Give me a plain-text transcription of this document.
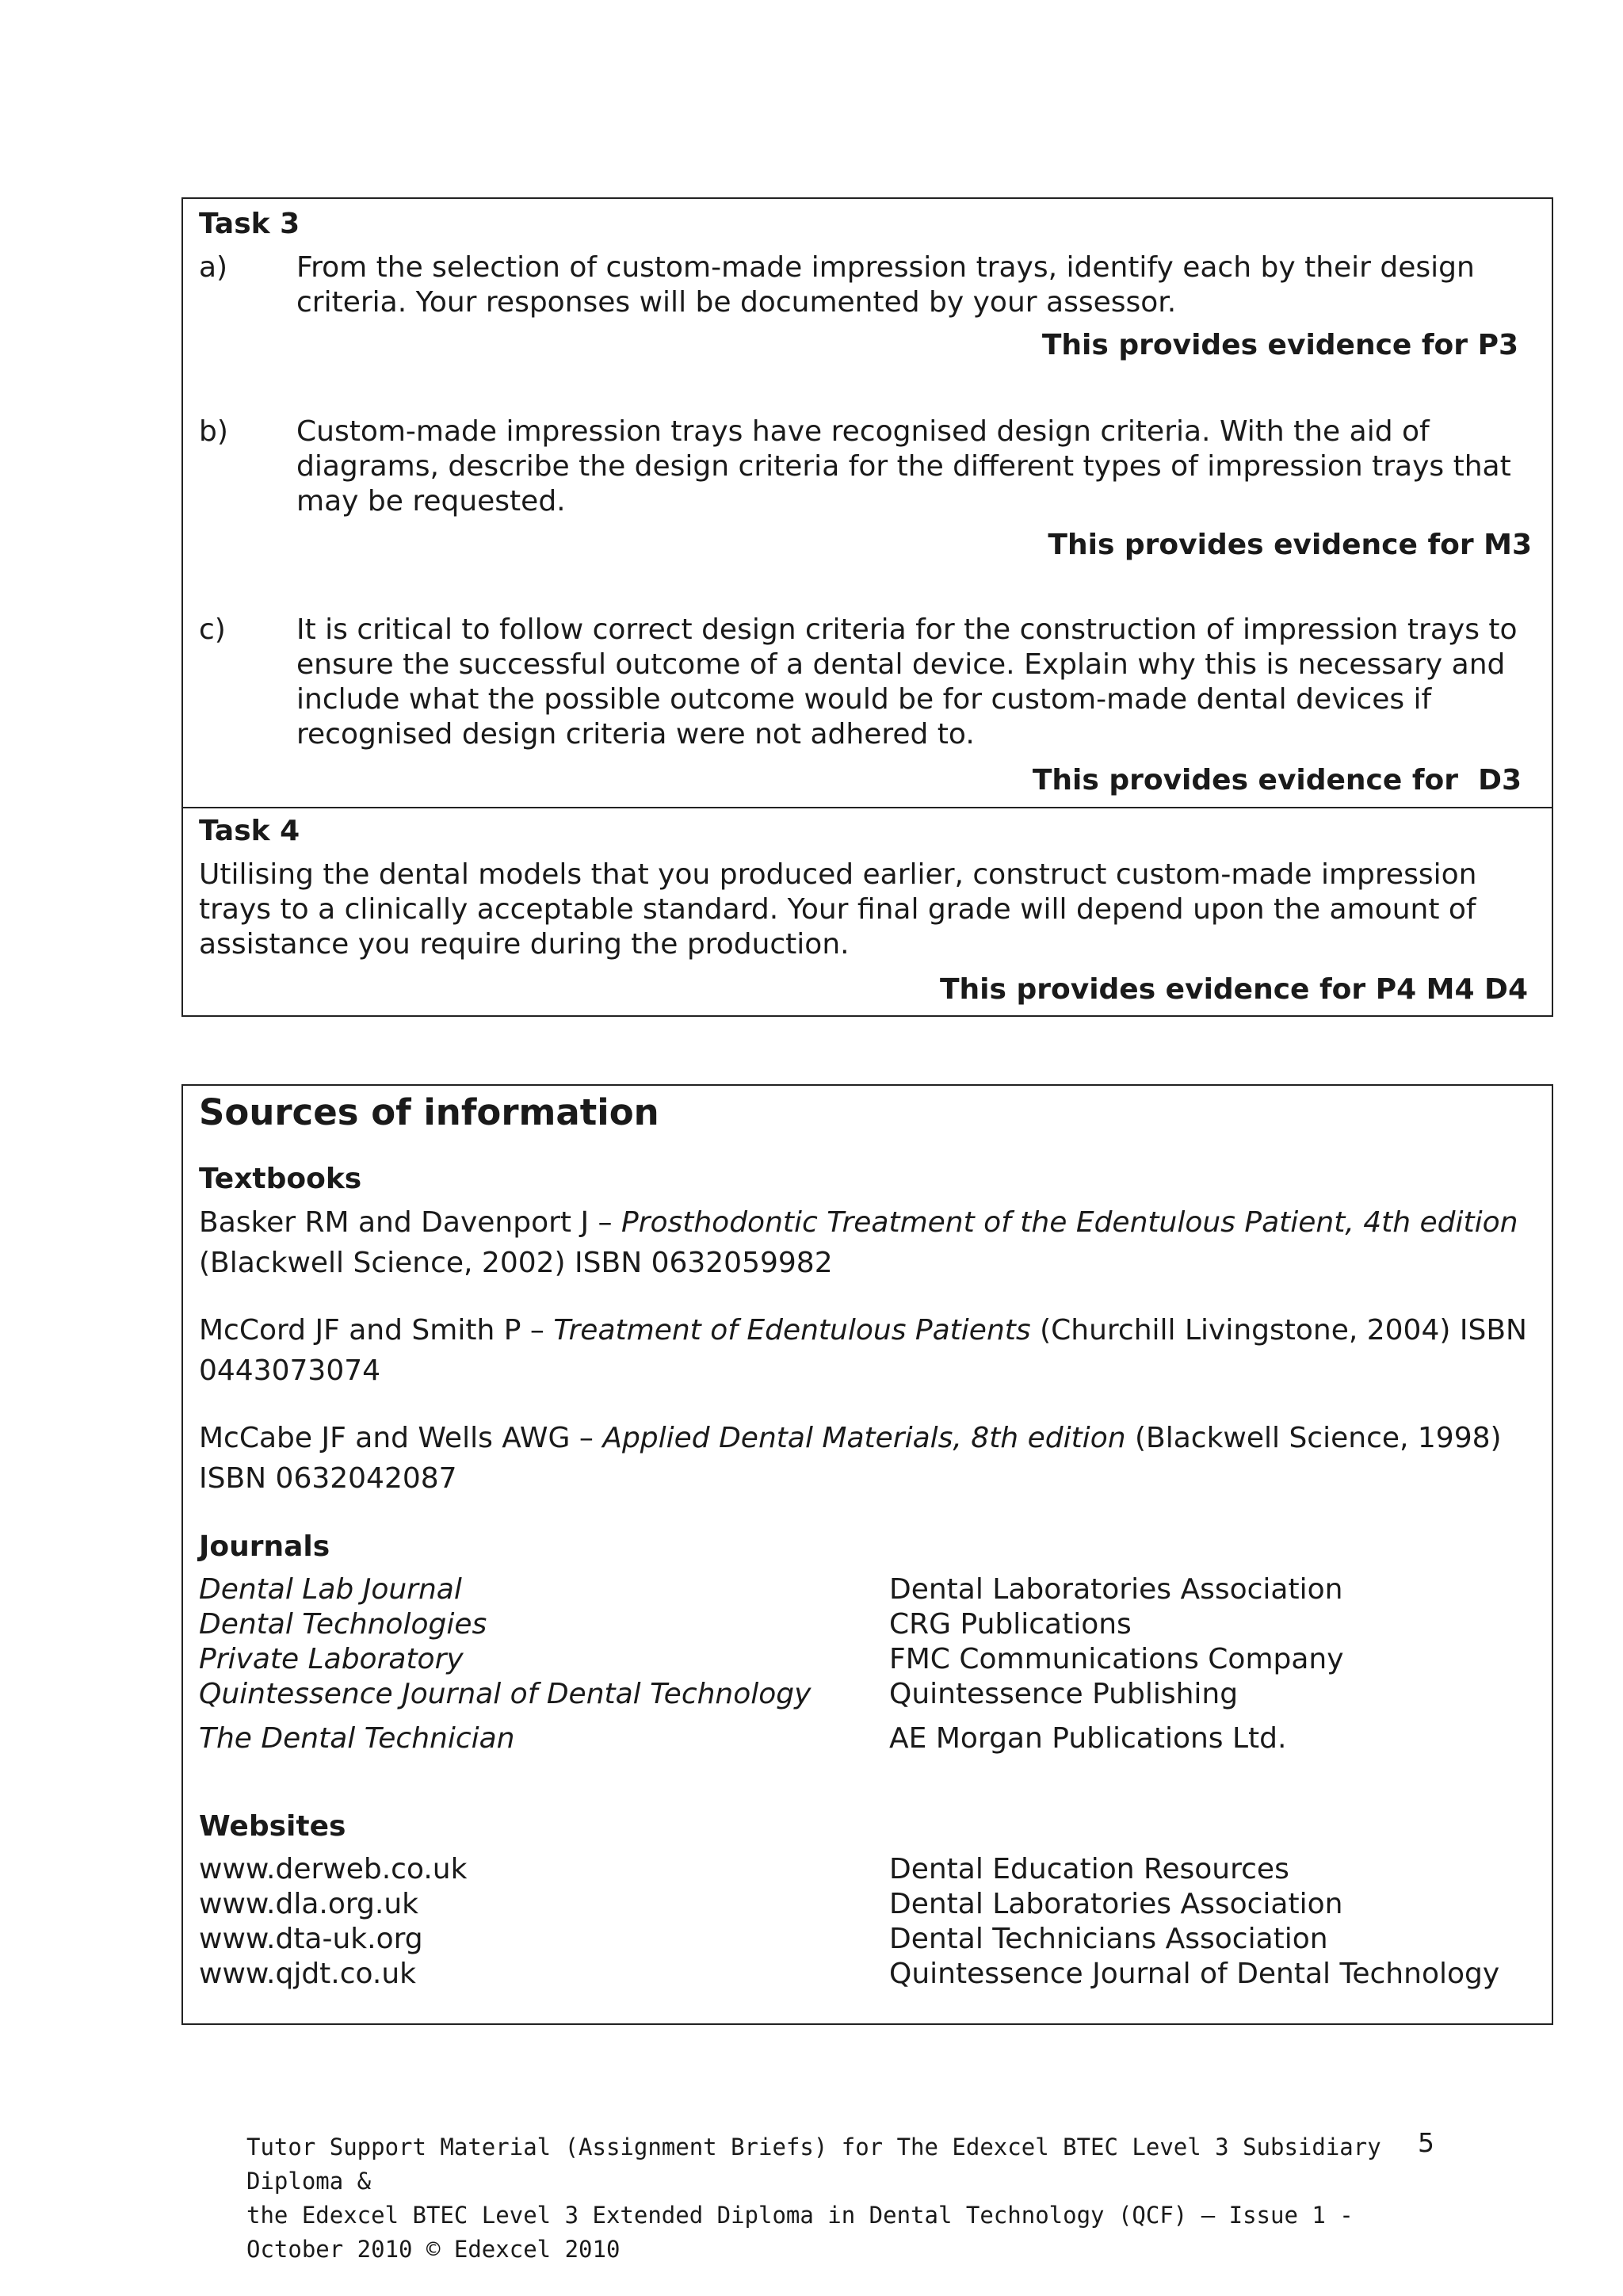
Task 3
a) From the selection of custom-made impression trays, identify each by their design criteria. Your responses will be documented by your assessor.
This provides evidence for P3
b) Custom-made impression trays have recognised design criteria. With the aid of diagrams, describe the design criteria for the different types of impression trays that may be requested.
This provides evidence for M3
c) It is critical to follow correct design criteria for the construction of impression trays to ensure the successful outcome of a dental device. Explain why this is necessary and include what the possible outcome would be for custom-made dental devices if recognised design criteria were not adhered to.
This provides evidence for  D3
Task 4
Utilising the dental models that you produced earlier, construct custom-made impression trays to a clinically acceptable standard. Your final grade will depend upon the amount of assistance you require during the production.
This provides evidence for P4 M4 D4
Sources of information
Textbooks
Basker RM and Davenport J – Prosthodontic Treatment of the Edentulous Patient, 4th edition
(Blackwell Science, 2002) ISBN 0632059982
McCord JF and Smith P – Treatment of Edentulous Patients (Churchill Livingstone, 2004) ISBN 0443073074
McCabe JF and Wells AWG – Applied Dental Materials, 8th edition (Blackwell Science, 1998) ISBN 0632042087
Journals
Dental Lab Journal	Dental Laboratories Association
Dental Technologies	CRG Publications
Private Laboratory	FMC Communications Company
Quintessence Journal of Dental Technology	Quintessence Publishing
The Dental Technician	AE Morgan Publications Ltd.
Websites
www.derweb.co.uk	Dental Education Resources
www.dla.org.uk	Dental Laboratories Association
www.dta-uk.org	Dental Technicians Association
www.qjdt.co.uk	Quintessence Journal of Dental Technology
Tutor Support Material (Assignment Briefs) for The Edexcel BTEC Level 3 Subsidiary Diploma &
the Edexcel BTEC Level 3 Extended Diploma in Dental Technology (QCF) – Issue 1 -
October 2010 © Edexcel 2010
5
